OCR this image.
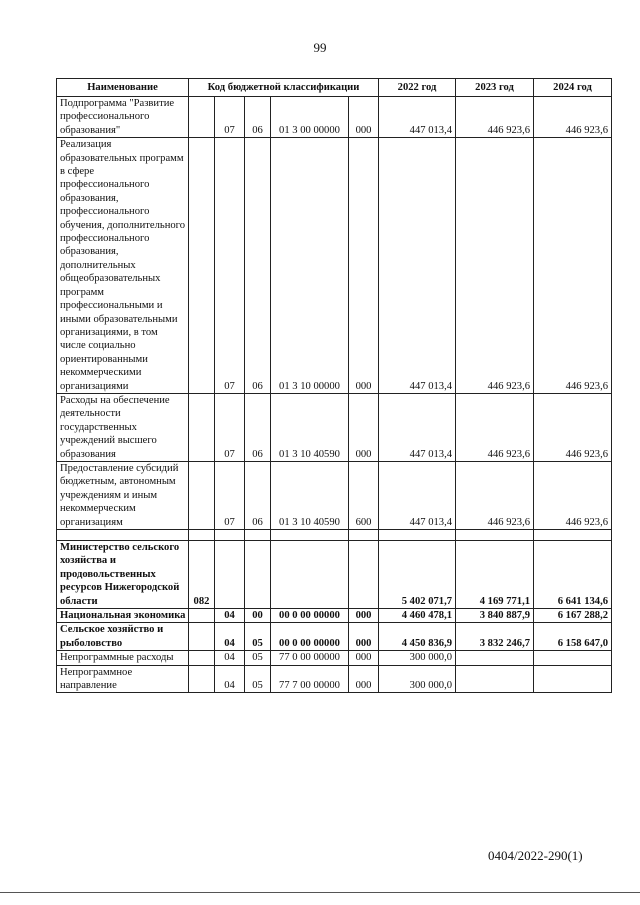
99
Наименование	Код бюджетной классификации					2022 год	2023 год	2024 год
Подпрограмма "Развитие профессионального образования"		07	06	01 3 00 00000	000	447 013,4	446 923,6	446 923,6
Реализация образовательных программ в сфере профессионального образования, профессионального обучения, дополнительного профессионального образования, дополнительных общеобразовательных программ профессиональными и иными образовательными организациями, в том числе социально ориентированными некоммерческими организациями		07	06	01 3 10 00000	000	447 013,4	446 923,6	446 923,6
Расходы на обеспечение деятельности государственных учреждений высшего образования		07	06	01 3 10 40590	000	447 013,4	446 923,6	446 923,6
Предоставление субсидий бюджетным, автономным учреждениям и иным некоммерческим организациям		07	06	01 3 10 40590	600	447 013,4	446 923,6	446 923,6

Министерство сельского хозяйства и продовольственных ресурсов Нижегородской области	082					5 402 071,7	4 169 771,1	6 641 134,6
Национальная экономика		04	00	00 0 00 00000	000	4 460 478,1	3 840 887,9	6 167 288,2
Сельское хозяйство и рыболовство		04	05	00 0 00 00000	000	4 450 836,9	3 832 246,7	6 158 647,0
Непрограммные расходы		04	05	77 0 00 00000	000	300 000,0		
Непрограммное направление		04	05	77 7 00 00000	000	300 000,0		
0404/2022-290(1)
